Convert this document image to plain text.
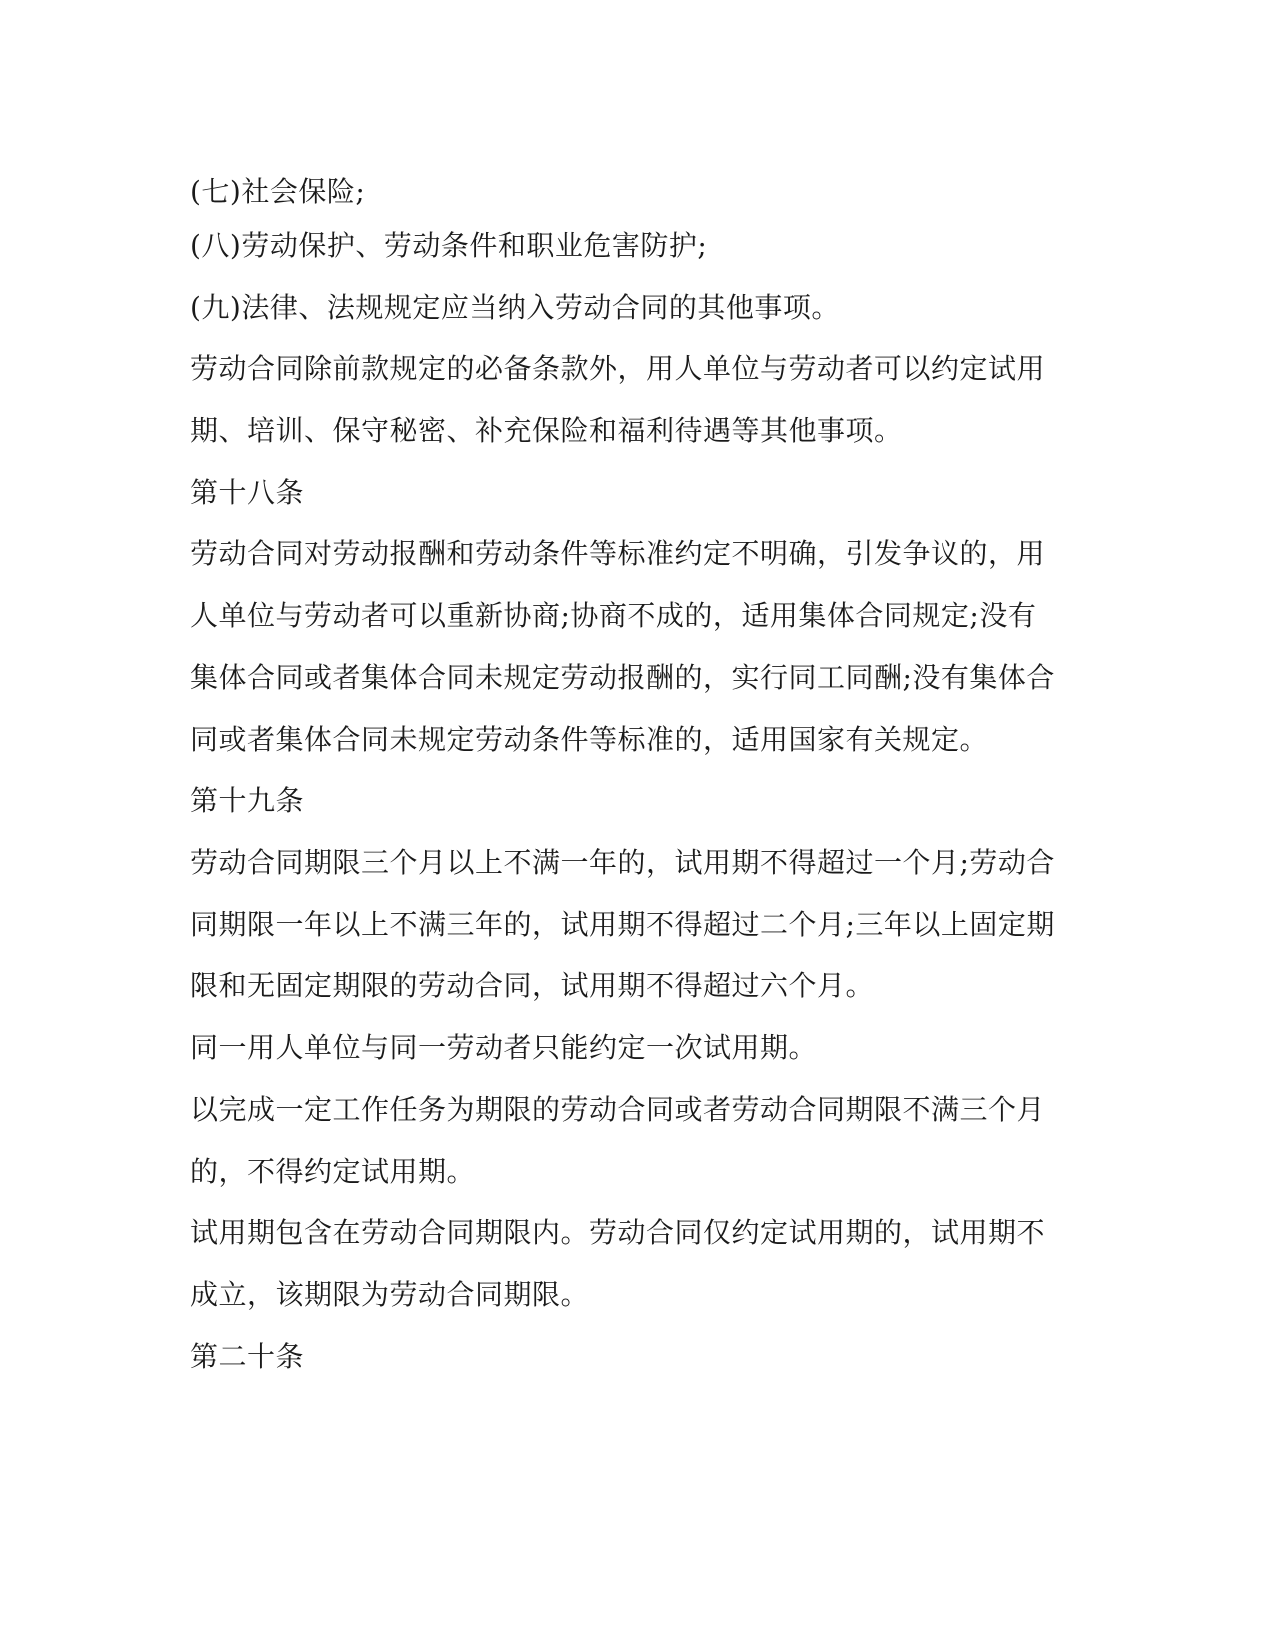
(七)社会保险;
(八)劳动保护、劳动条件和职业危害防护;
(九)法律、法规规定应当纳入劳动合同的其他事项。
劳动合同除前款规定的必备条款外，用人单位与劳动者可以约定试用
期、培训、保守秘密、补充保险和福利待遇等其他事项。
第十八条
劳动合同对劳动报酬和劳动条件等标准约定不明确，引发争议的，用
人单位与劳动者可以重新协商;协商不成的，适用集体合同规定;没有
集体合同或者集体合同未规定劳动报酬的，实行同工同酬;没有集体合
同或者集体合同未规定劳动条件等标准的，适用国家有关规定。
第十九条
劳动合同期限三个月以上不满一年的，试用期不得超过一个月;劳动合
同期限一年以上不满三年的，试用期不得超过二个月;三年以上固定期
限和无固定期限的劳动合同，试用期不得超过六个月。
同一用人单位与同一劳动者只能约定一次试用期。
以完成一定工作任务为期限的劳动合同或者劳动合同期限不满三个月
的，不得约定试用期。
试用期包含在劳动合同期限内。劳动合同仅约定试用期的，试用期不
成立，该期限为劳动合同期限。
第二十条
